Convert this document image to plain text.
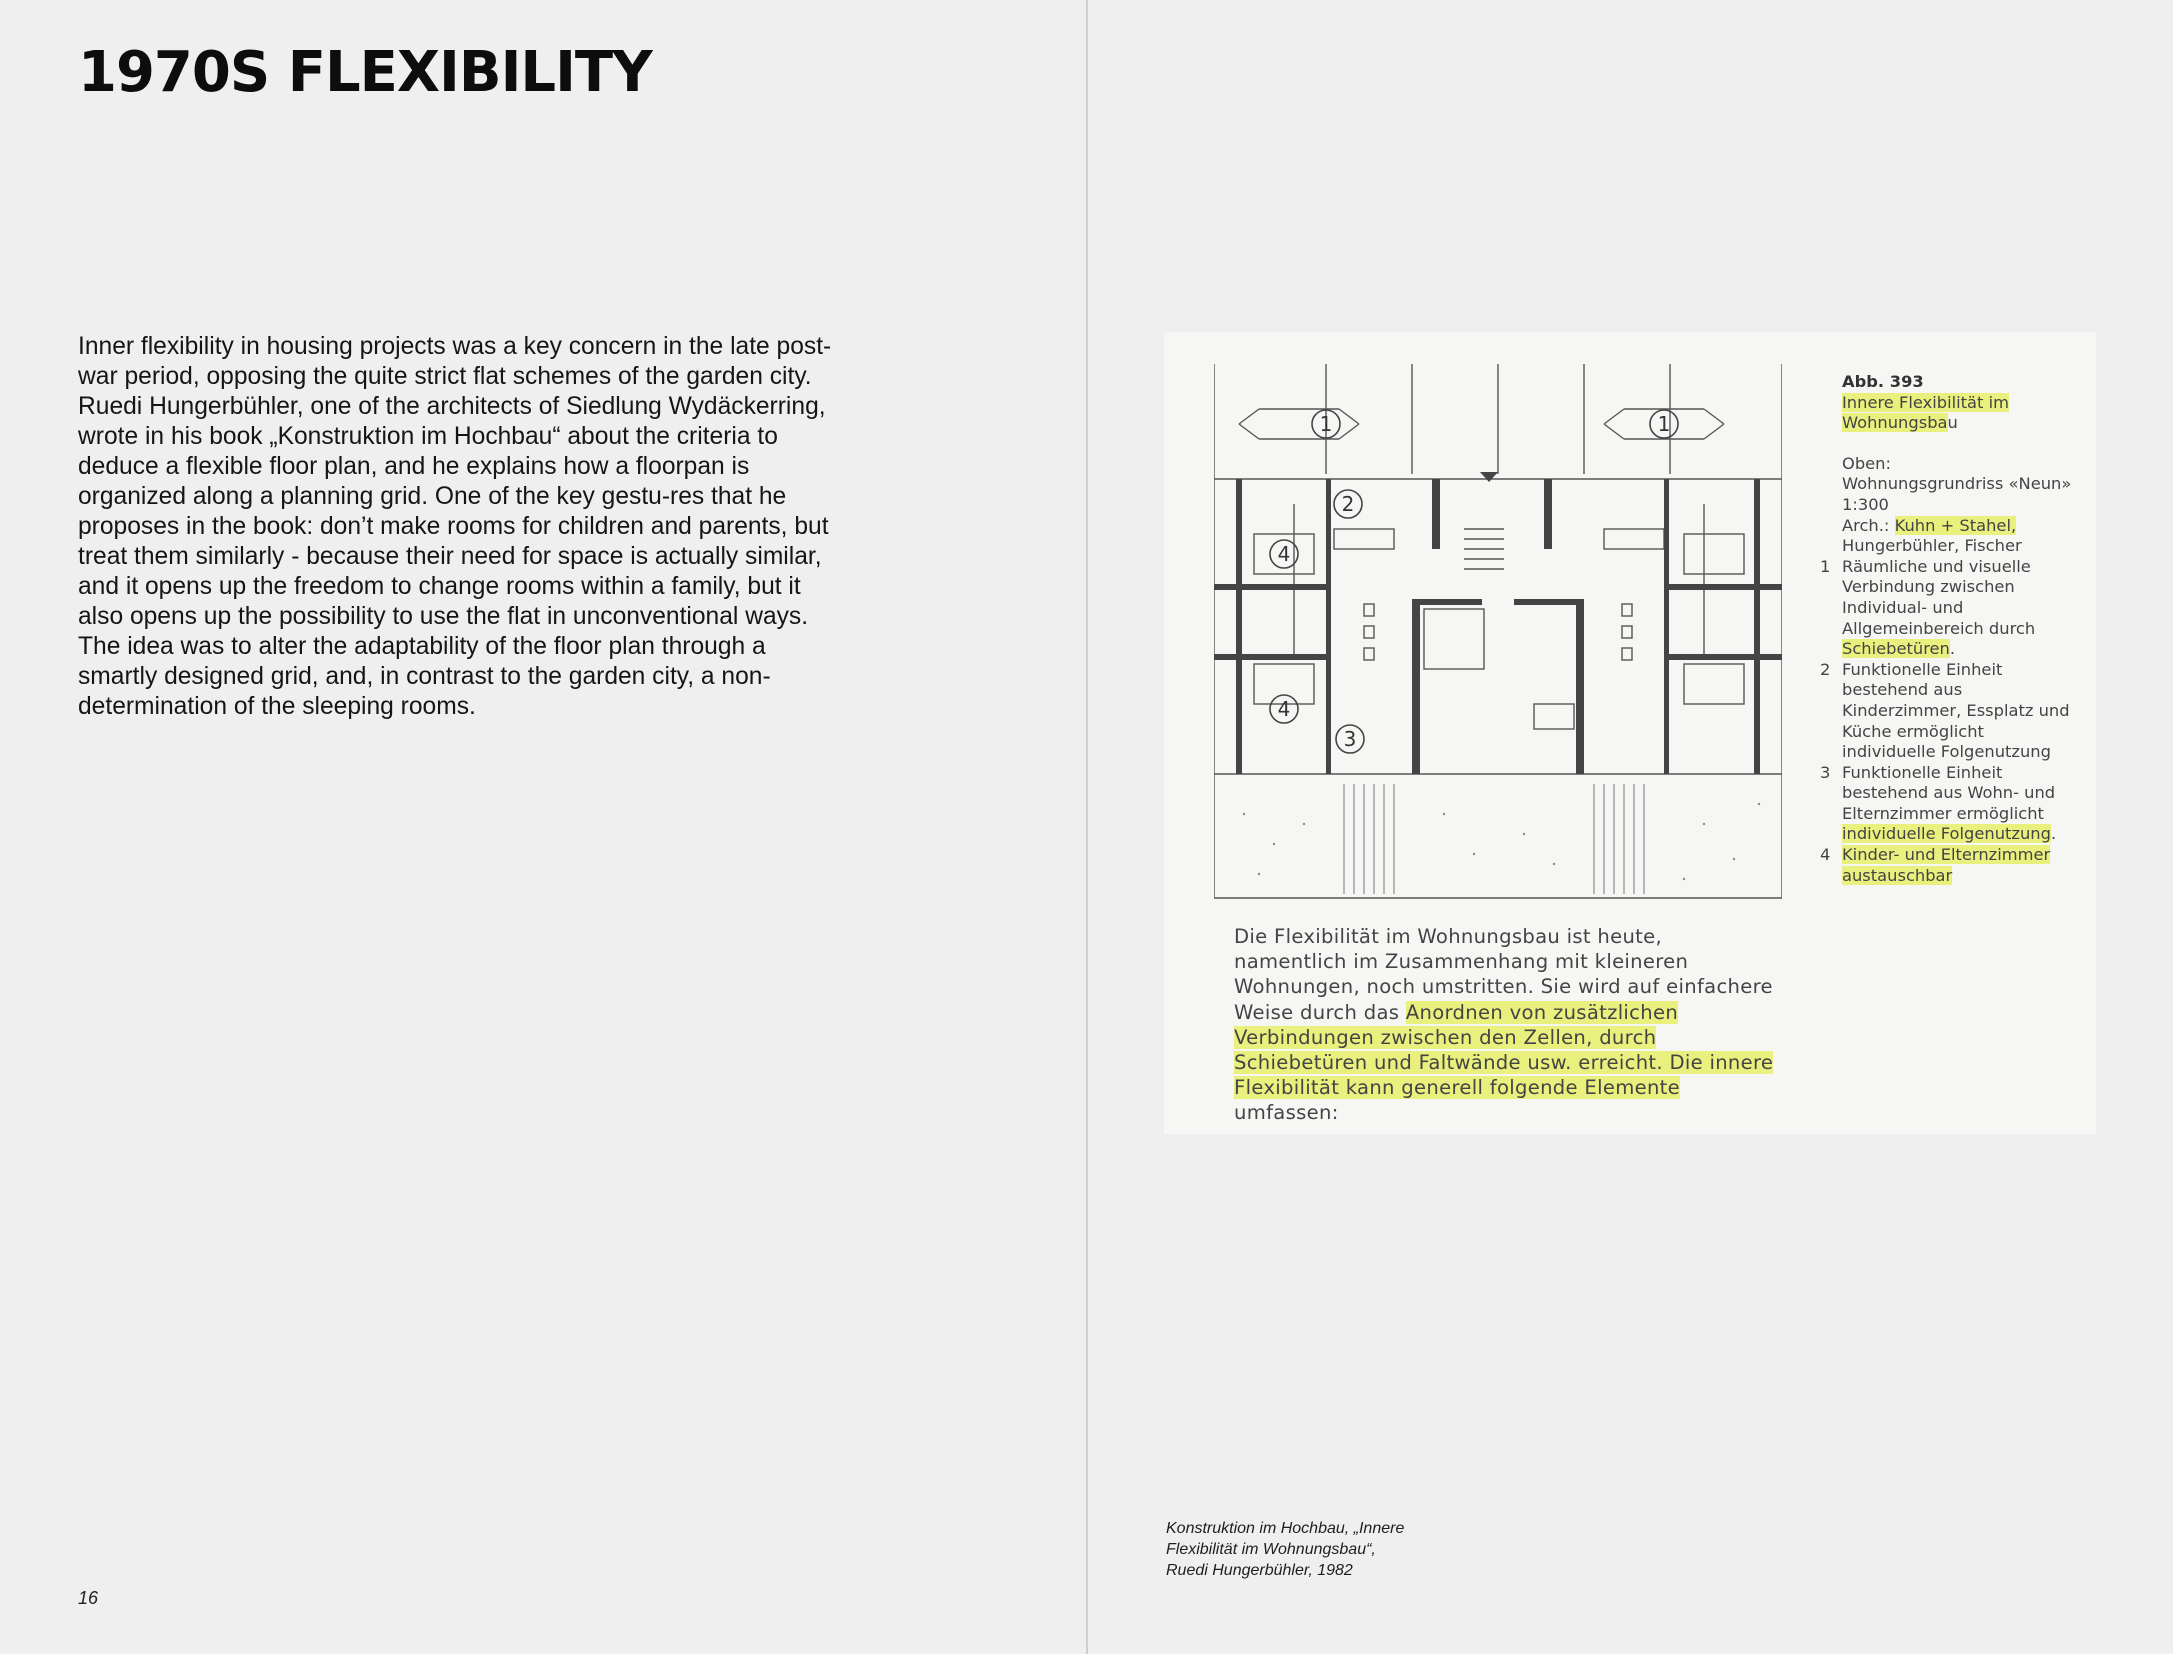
1970S FLEXIBILITY

Inner flexibility in housing projects was a key concern in the late post-war period, opposing the quite strict flat schemes of the garden city. Ruedi Hungerbühler, one of the architects of Siedlung Wydäckerring, wrote in his book „Konstruktion im Hochbau“ about the criteria to deduce a flexible floor plan, and he explains how a floorpan is organized along a planning grid. One of the key gestu-res that he proposes in the book: don’t make rooms for children and parents, but treat them similarly - because their need for space is actually similar, and it opens up the freedom to change rooms within a family, but it also opens up the possibility to use the flat in unconventional ways. The idea was to alter the adaptability of the floor plan through a smartly designed grid, and, in contrast to the garden city, a non-determination of the sleeping rooms.

16
1	1
2
4
4
3

Abb. 393

Innere Flexibilität im

Wohnungsbau

Oben:

Wohnungsgrundriss «Neun»

1:300

Arch.: Kuhn + Stahel,

Hungerbühler, Fischer

1 Räumliche und visuelle Verbindung zwischen Individual- und Allgemeinbereich durch Schiebetüren.
2 Funktionelle Einheit bestehend aus Kinderzimmer, Essplatz und Küche ermöglicht individuelle Folgenutzung
3 Funktionelle Einheit bestehend aus Wohn- und Elternzimmer ermöglicht individuelle Folgenutzung.
4 Kinder- und Elternzimmer austauschbar

Die Flexibilität im Wohnungsbau ist heute, namentlich im Zusammenhang mit kleineren Wohnungen, noch umstritten. Sie wird auf einfachere Weise durch das Anordnen von zusätzlichen Verbindungen zwischen den Zellen, durch Schiebetüren und Faltwände usw. erreicht. Die innere Flexibilität kann generell folgende Elemente umfassen:

Konstruktion im Hochbau, „Innere
Flexibilität im Wohnungsbau“,
Ruedi Hungerbühler, 1982
